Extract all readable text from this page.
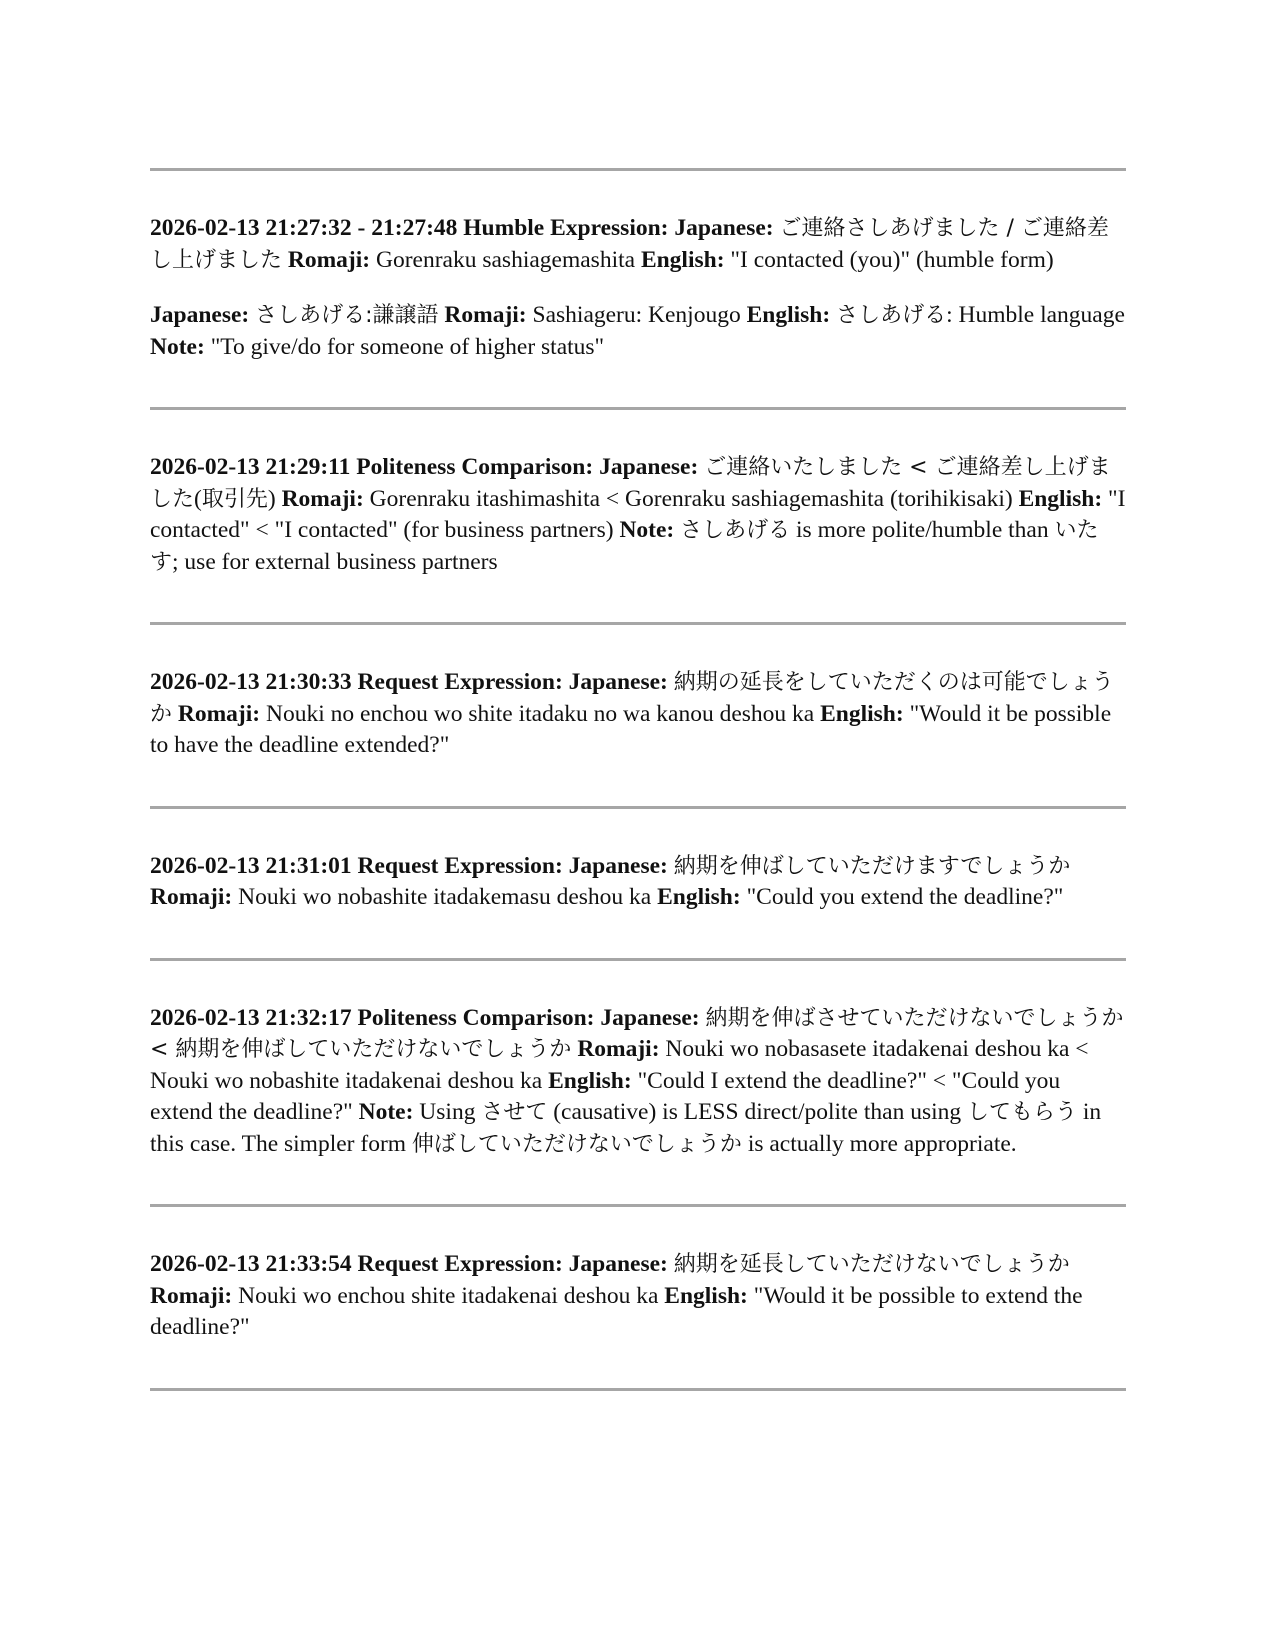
2026-02-13 21:27:32 - 21:27:48 Humble Expression: Japanese: ご連絡さしあげました / ご連絡差し上げました Romaji: Gorenraku sashiagemashita English: "I contacted (you)" (humble form)

Japanese: さしあげる:謙譲語 Romaji: Sashiageru: Kenjougo English: さしあげる: Humble language Note: "To give/do for someone of higher status"

2026-02-13 21:29:11 Politeness Comparison: Japanese: ご連絡いたしました < ご連絡差し上げました(取引先) Romaji: Gorenraku itashimashita < Gorenraku sashiagemashita (torihikisaki) English: "I contacted" < "I contacted" (for business partners) Note: さしあげる is more polite/humble than いたす; use for external business partners

2026-02-13 21:30:33 Request Expression: Japanese: 納期の延長をしていただくのは可能でしょうか Romaji: Nouki no enchou wo shite itadaku no wa kanou deshou ka English: "Would it be possible to have the deadline extended?"

2026-02-13 21:31:01 Request Expression: Japanese: 納期を伸ばしていただけますでしょうか Romaji: Nouki wo nobashite itadakemasu deshou ka English: "Could you extend the deadline?"

2026-02-13 21:32:17 Politeness Comparison: Japanese: 納期を伸ばさせていただけないでしょうか < 納期を伸ばしていただけないでしょうか Romaji: Nouki wo nobasasete itadakenai deshou ka < Nouki wo nobashite itadakenai deshou ka English: "Could I extend the deadline?" < "Could you extend the deadline?" Note: Using させて (causative) is LESS direct/polite than using してもらう in this case. The simpler form 伸ばしていただけないでしょうか is actually more appropriate.

2026-02-13 21:33:54 Request Expression: Japanese: 納期を延長していただけないでしょうか Romaji: Nouki wo enchou shite itadakenai deshou ka English: "Would it be possible to extend the deadline?"
